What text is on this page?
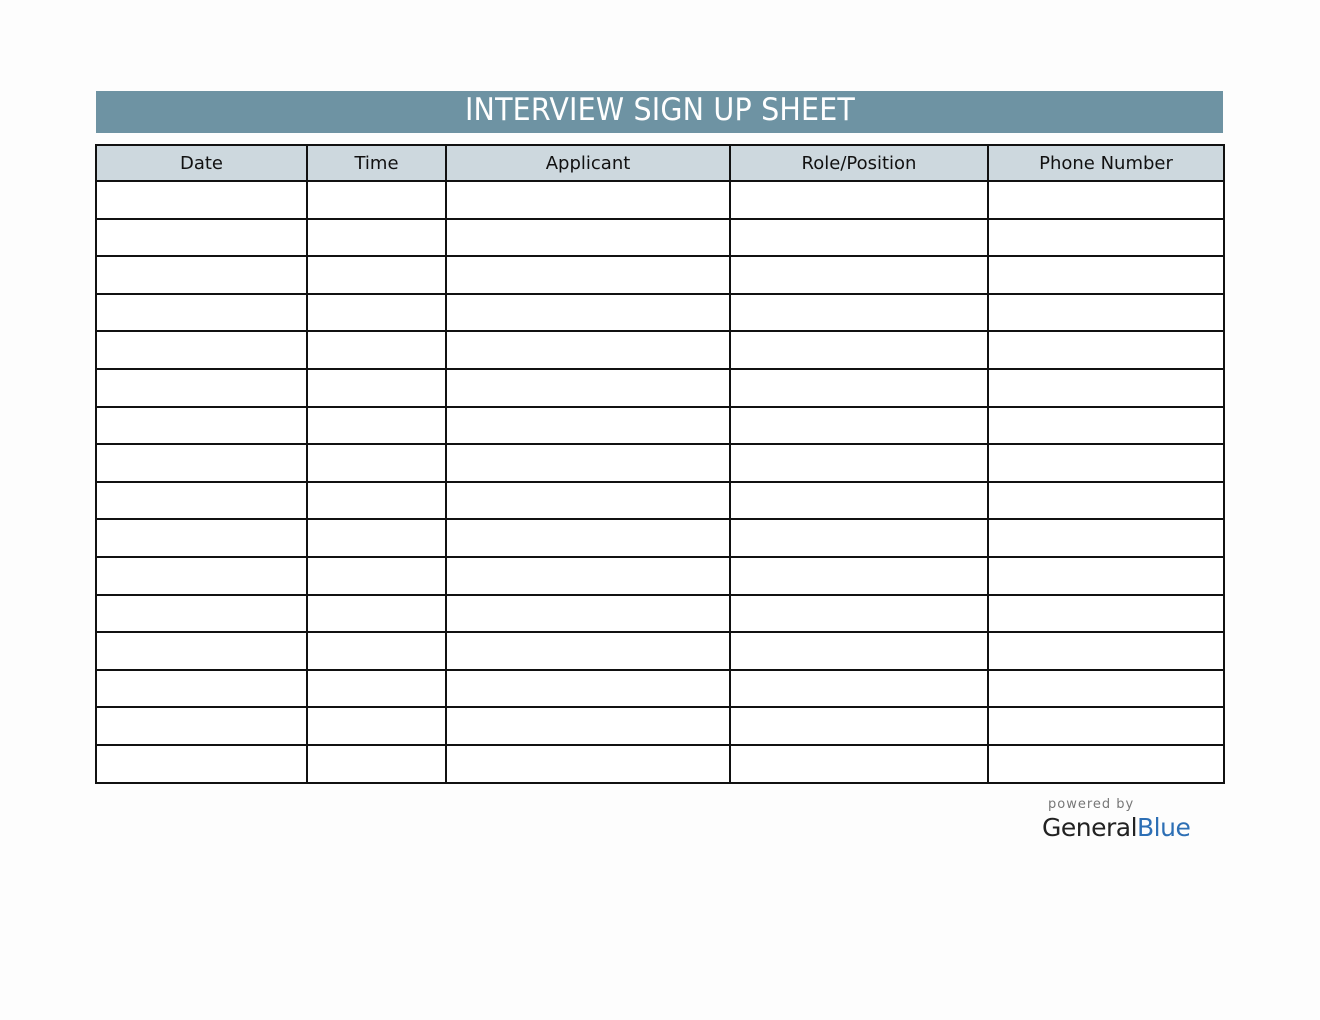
INTERVIEW SIGN UP SHEET
Date	Time	Applicant	Role/Position	Phone Number

powered by
GeneralBlue
